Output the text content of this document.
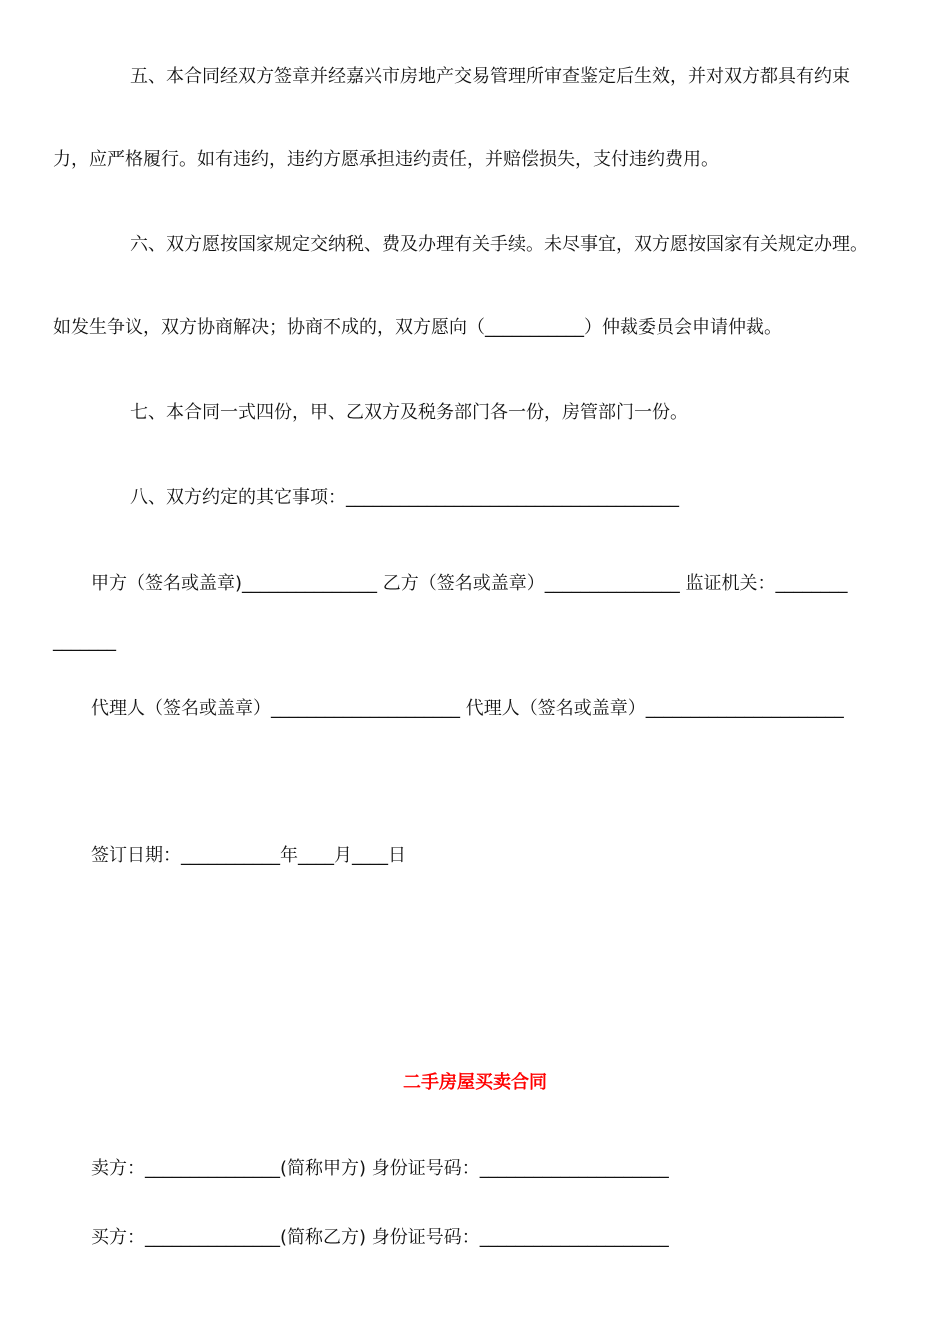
五、本合同经双方签章并经嘉兴市房地产交易管理所审查鉴定后生效，并对双方都具有约束
力，应严格履行。如有违约，违约方愿承担违约责任，并赔偿损失，支付违约费用。
六、双方愿按国家规定交纳税、费及办理有关手续。未尽事宜，双方愿按国家有关规定办理。
如发生争议，双方协商解决；协商不成的，双方愿向（___________）仲裁委员会申请仲裁。
七、本合同一式四份，甲、乙双方及税务部门各一份，房管部门一份。
八、双方约定的其它事项：_____________________________________
甲方（签名或盖章)_______________ 乙方（签名或盖章）_______________ 监证机关：________
_______
代理人（签名或盖章）_____________________ 代理人（签名或盖章）______________________
签订日期：___________年____月____日
二手房屋买卖合同
卖方：_______________(简称甲方) 身份证号码：_____________________
买方：_______________(简称乙方) 身份证号码：_____________________
